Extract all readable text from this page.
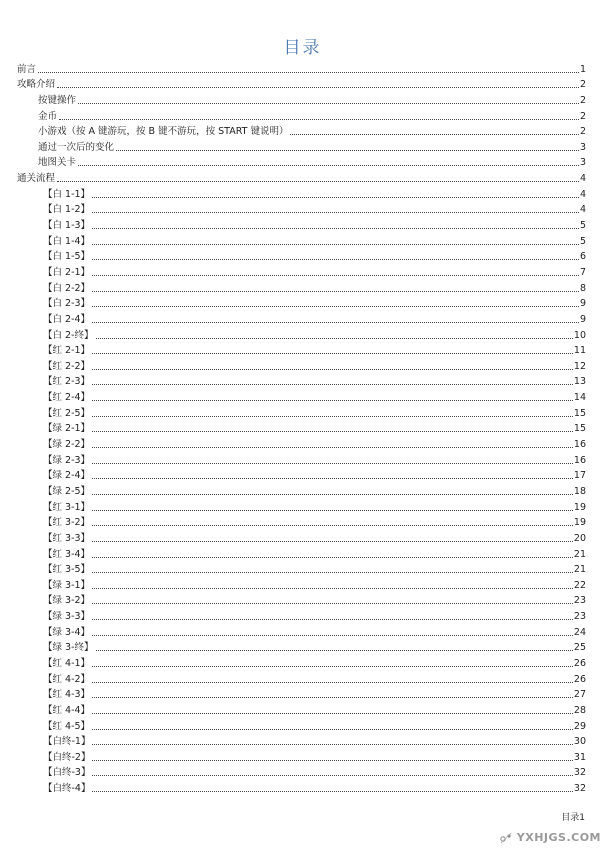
目录
前言	1
攻略介绍	2
按键操作	2
金币	2
小游戏（按 A 键游玩，按 B 键不游玩，按 START 键说明）	2
通过一次后的变化	3
地图关卡	3
通关流程	4
【白 1-1】	4
【白 1-2】	4
【白 1-3】	5
【白 1-4】	5
【白 1-5】	6
【白 2-1】	7
【白 2-2】	8
【白 2-3】	9
【白 2-4】	9
【白 2-终】	10
【红 2-1】	11
【红 2-2】	12
【红 2-3】	13
【红 2-4】	14
【红 2-5】	15
【绿 2-1】	15
【绿 2-2】	16
【绿 2-3】	16
【绿 2-4】	17
【绿 2-5】	18
【红 3-1】	19
【红 3-2】	19
【红 3-3】	20
【红 3-4】	21
【红 3-5】	21
【绿 3-1】	22
【绿 3-2】	23
【绿 3-3】	23
【绿 3-4】	24
【绿 3-终】	25
【红 4-1】	26
【红 4-2】	26
【红 4-3】	27
【红 4-4】	28
【红 4-5】	29
【白终-1】	30
【白终-2】	31
【白终-3】	32
【白终-4】	32
目录1
YXHJGS.COM
